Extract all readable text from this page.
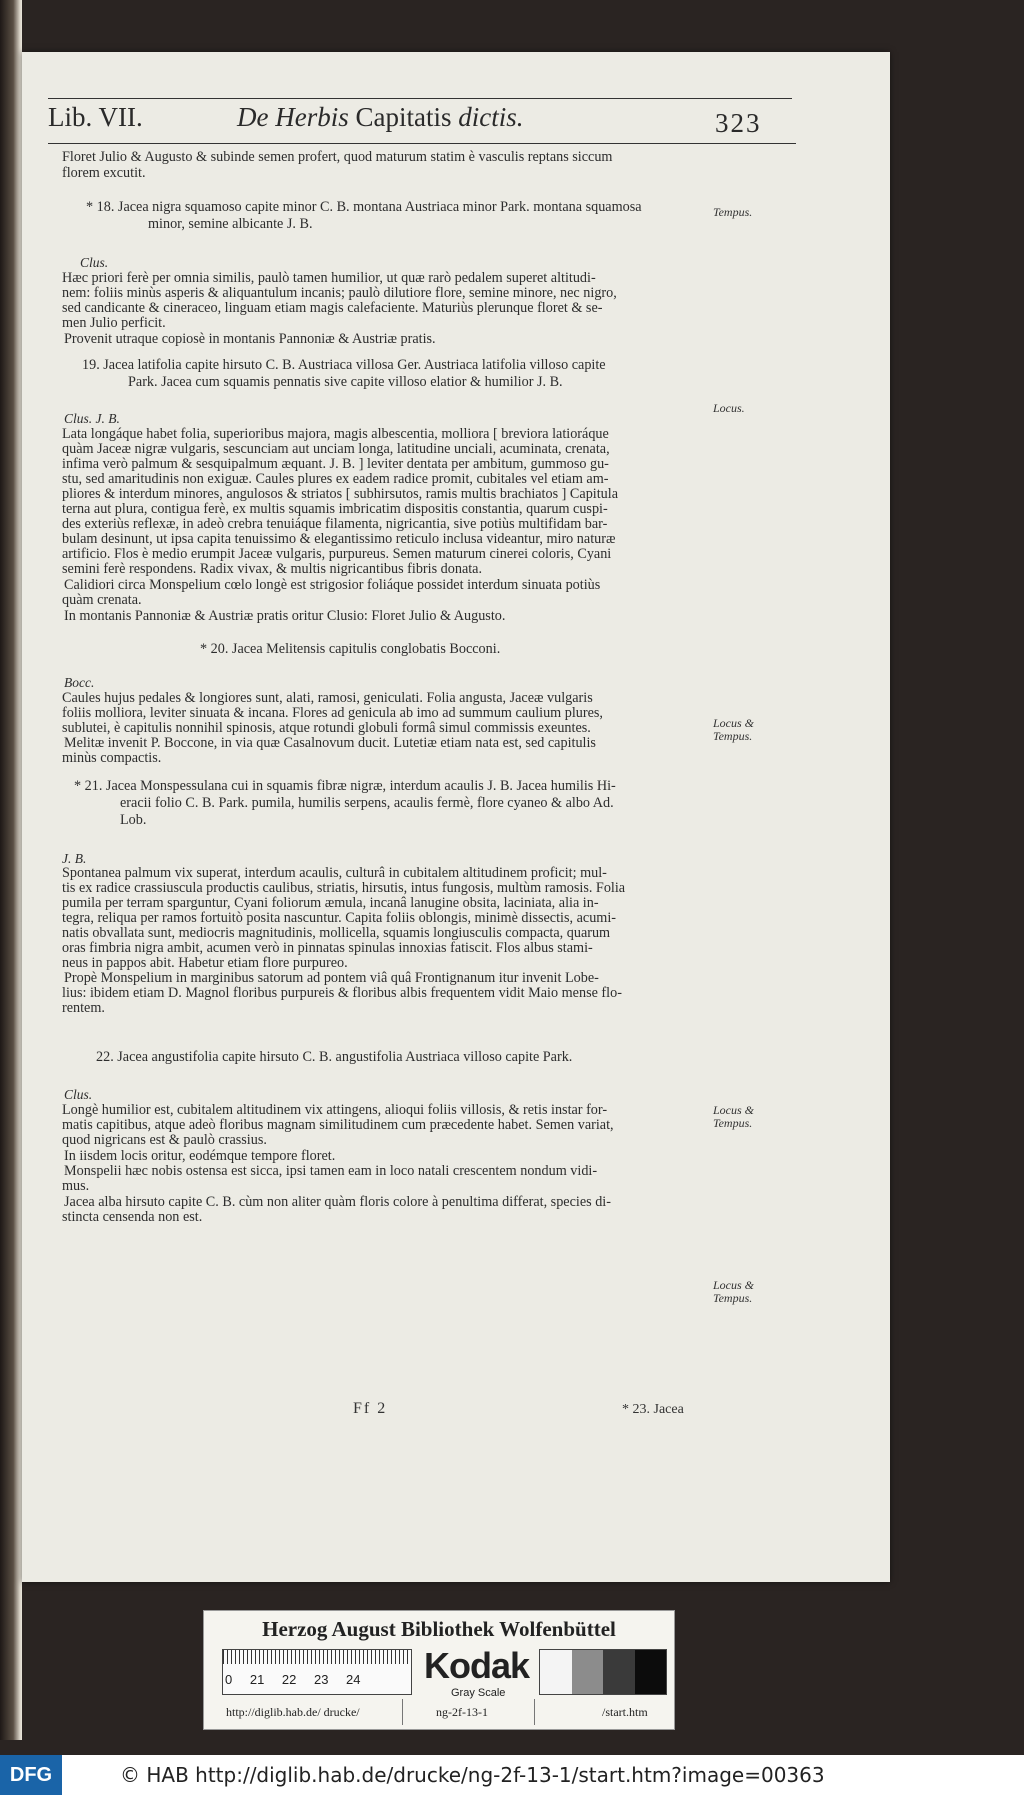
Lib. VII.	De Herbis Capitatis dictis.	323
Floret Julio & Augusto & subinde semen profert, quod maturum statim è vasculis reptans siccum
florem excutit.
* 18. Jacea nigra squamoso capite minor C. B. montana Austriaca minor Park. montana squamosa
minor, semine albicante J. B.
Clus.
Hæc priori ferè per omnia similis, paulò tamen humilior, ut quæ rarò pedalem superet altitudi-
nem: foliis minùs asperis & aliquantulum incanis; paulò dilutiore flore, semine minore, nec nigro,
sed candicante & cineraceo, linguam etiam magis calefaciente. Maturiùs plerunque floret & se-
men Julio perficit.
Provenit utraque copiosè in montanis Pannoniæ & Austriæ pratis.
19. Jacea latifolia capite hirsuto C. B. Austriaca villosa Ger. Austriaca latifolia villoso capite
Park. Jacea cum squamis pennatis sive capite villoso elatior & humilior J. B.
Clus. J. B.
Lata longáque habet folia, superioribus majora, magis albescentia, molliora [ breviora latioráque
quàm Jaceæ nigræ vulgaris, sescunciam aut unciam longa, latitudine unciali, acuminata, crenata,
infima verò palmum & sesquipalmum æquant. J. B. ] leviter dentata per ambitum, gummoso gu-
stu, sed amaritudinis non exiguæ. Caules plures ex eadem radice promit, cubitales vel etiam am-
pliores & interdum minores, angulosos & striatos [ subhirsutos, ramis multis brachiatos ] Capitula
terna aut plura, contigua ferè, ex multis squamis imbricatim dispositis constantia, quarum cuspi-
des exteriùs reflexæ, in adeò crebra tenuiáque filamenta, nigricantia, sive potiùs multifidam bar-
bulam desinunt, ut ipsa capita tenuissimo & elegantissimo reticulo inclusa videantur, miro naturæ
artificio. Flos è medio erumpit Jaceæ vulgaris, purpureus. Semen maturum cinerei coloris, Cyani
semini ferè respondens. Radix vivax, & multis nigricantibus fibris donata.
Calidiori circa Monspelium cœlo longè est strigosior foliáque possidet interdum sinuata potiùs
quàm crenata.
In montanis Pannoniæ & Austriæ pratis oritur Clusio: Floret Julio & Augusto.
* 20. Jacea Melitensis capitulis conglobatis Bocconi.
Bocc.
Caules hujus pedales & longiores sunt, alati, ramosi, geniculati. Folia angusta, Jaceæ vulgaris
foliis molliora, leviter sinuata & incana. Flores ad genicula ab imo ad summum caulium plures,
sublutei, è capitulis nonnihil spinosis, atque rotundi globuli formâ simul commissis exeuntes.
Melitæ invenit P. Boccone, in via quæ Casalnovum ducit. Lutetiæ etiam nata est, sed capitulis
minùs compactis.
* 21. Jacea Monspessulana cui in squamis fibræ nigræ, interdum acaulis J. B. Jacea humilis Hi-
eracii folio C. B. Park. pumila, humilis serpens, acaulis fermè, flore cyaneo & albo Ad.
Lob.
J. B.
Spontanea palmum vix superat, interdum acaulis, culturâ in cubitalem altitudinem proficit; mul-
tis ex radice crassiuscula productis caulibus, striatis, hirsutis, intus fungosis, multùm ramosis. Folia
pumila per terram sparguntur, Cyani foliorum æmula, incanâ lanugine obsita, laciniata, alia in-
tegra, reliqua per ramos fortuitò posita nascuntur. Capita foliis oblongis, minimè dissectis, acumi-
natis obvallata sunt, mediocris magnitudinis, mollicella, squamis longiusculis compacta, quarum
oras fimbria nigra ambit, acumen verò in pinnatas spinulas innoxias fatiscit. Flos albus stami-
neus in pappos abit. Habetur etiam flore purpureo.
Propè Monspelium in marginibus satorum ad pontem viâ quâ Frontignanum itur invenit Lobe-
lius: ibidem etiam D. Magnol floribus purpureis & floribus albis frequentem vidit Maio mense flo-
rentem.
22. Jacea angustifolia capite hirsuto C. B. angustifolia Austriaca villoso capite Park.
Clus.
Longè humilior est, cubitalem altitudinem vix attingens, alioqui foliis villosis, & retis instar for-
matis capitibus, atque adeò floribus magnam similitudinem cum præcedente habet. Semen variat,
quod nigricans est & paulò crassius.
In iisdem locis oritur, eodémque tempore floret.
Monspelii hæc nobis ostensa est sicca, ipsi tamen eam in loco natali crescentem nondum vidi-
mus.
Jacea alba hirsuto capite C. B. cùm non aliter quàm floris colore à penultima differat, species di-
stincta censenda non est.
Tempus.
Locus.
Locus &
Tempus.
Locus &
Tempus.
Locus &
Tempus.
Ff 2	* 23. Jacea
Herzog August Bibliothek Wolfenbüttel
0 21 22 23 24 Kodak
Gray Scale
http://diglib.hab.de/ drucke/	ng-2f-13-1	/start.htm
DFG	© HAB http://diglib.hab.de/drucke/ng-2f-13-1/start.htm?image=00363
